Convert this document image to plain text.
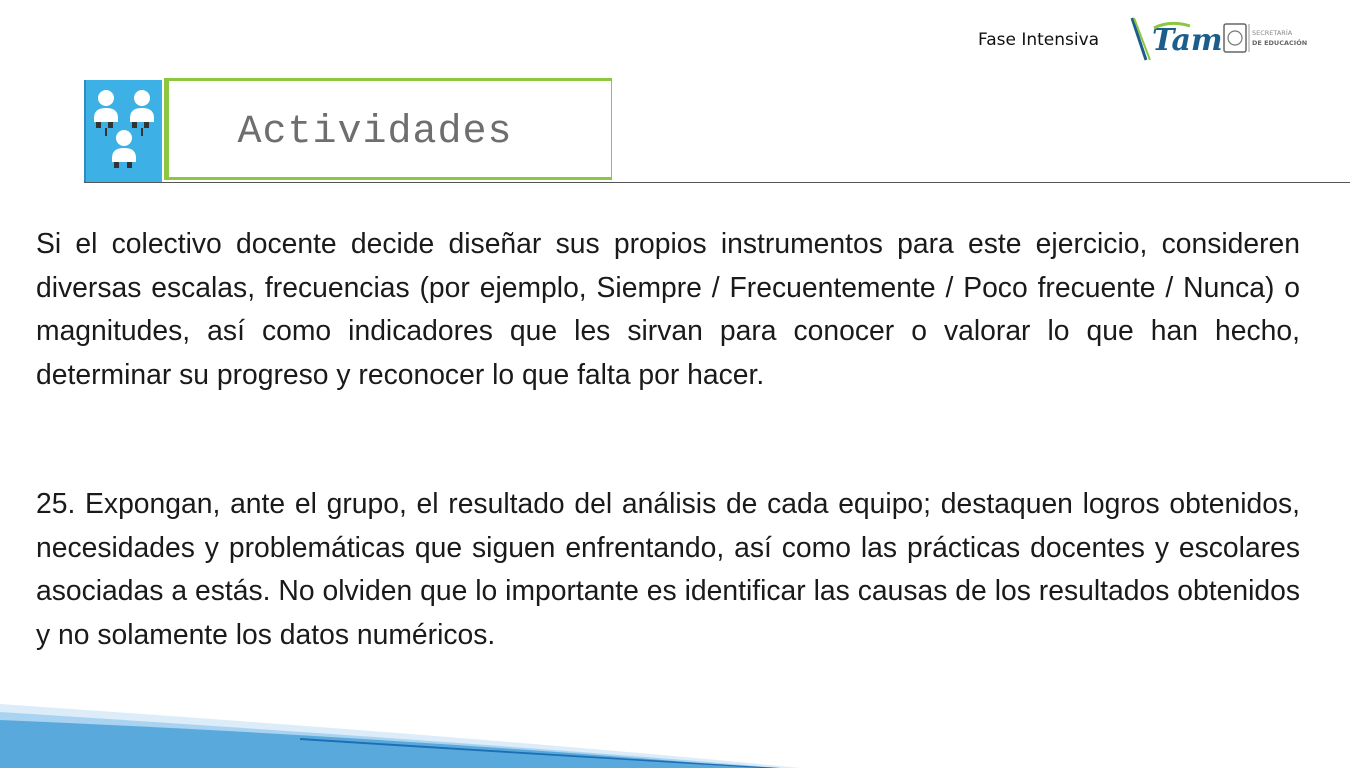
Fase Intensiva Tam	SECRETARÍA
DE EDUCACIÓN
Actividades

Si el colectivo docente decide diseñar sus propios instrumentos para este ejercicio, consideren diversas escalas, frecuencias (por ejemplo, Siempre / Frecuentemente / Poco frecuente / Nunca) o magnitudes, así como indicadores que les sirvan para conocer o valorar lo que han hecho, determinar su progreso y reconocer lo que falta por hacer.

25. Expongan, ante el grupo, el resultado del análisis de cada equipo; destaquen logros obtenidos, necesidades y problemáticas que siguen enfrentando, así como las prácticas docentes y escolares asociadas a estás. No olviden que lo importante es identificar las causas de los resultados obtenidos y no solamente los datos numéricos.
